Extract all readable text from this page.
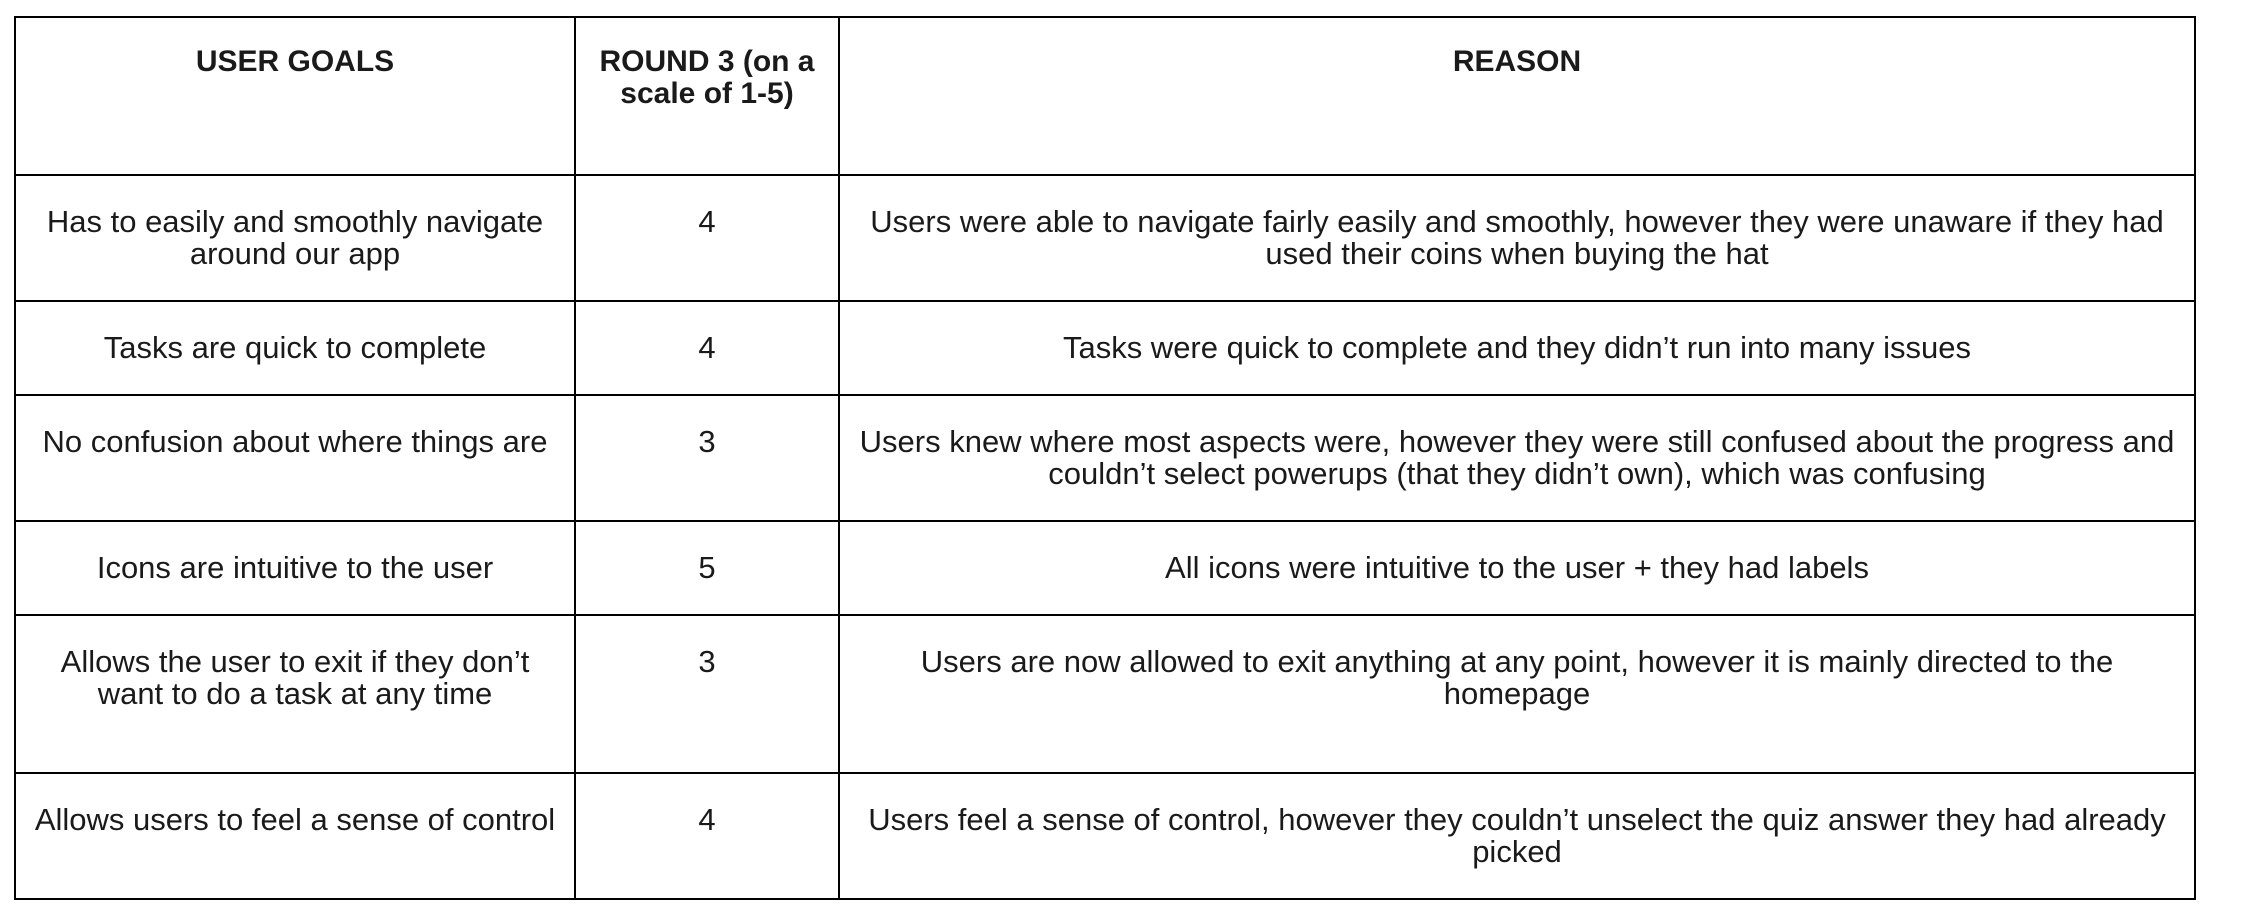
USER GOALS	ROUND 3 (on a scale of 1-5)	REASON
Has to easily and smoothly navigate around our app	4	Users were able to navigate fairly easily and smoothly, however they were unaware if they had used their coins when buying the hat
Tasks are quick to complete	4	Tasks were quick to complete and they didn’t run into many issues
No confusion about where things are	3	Users knew where most aspects were, however they were still confused about the progress and couldn’t select powerups (that they didn’t own), which was confusing
Icons are intuitive to the user	5	All icons were intuitive to the user + they had labels
Allows the user to exit if they don’t want to do a task at any time	3	Users are now allowed to exit anything at any point, however it is mainly directed to the homepage
Allows users to feel a sense of control	4	Users feel a sense of control, however they couldn’t unselect the quiz answer they had already picked
